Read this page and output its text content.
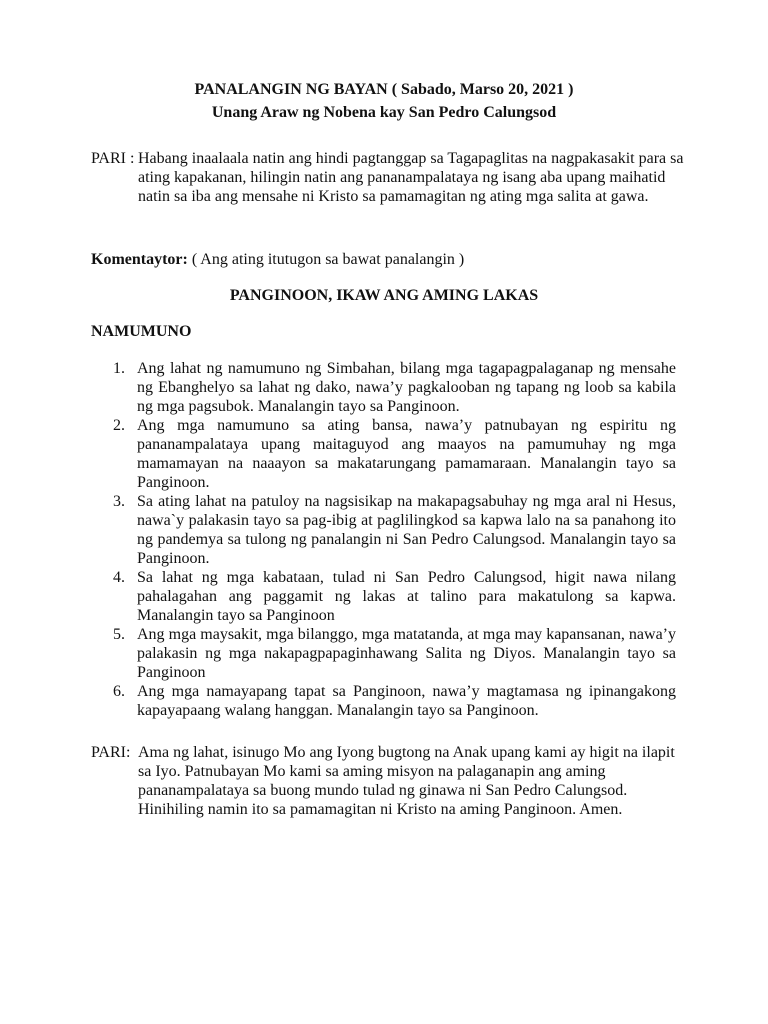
PANALANGIN NG BAYAN ( Sabado, Marso 20, 2021 )
Unang Araw ng Nobena kay San Pedro Calungsod
PARI : Habang inaalaala natin ang hindi pagtanggap sa Tagapaglitas na nagpakasakit para sa ating kapakanan, hilingin natin ang pananampalataya ng isang aba upang maihatid natin sa iba ang mensahe ni Kristo sa pamamagitan ng ating mga salita at gawa.
Komentaytor: ( Ang ating itutugon sa bawat panalangin )
PANGINOON, IKAW ANG AMING LAKAS
NAMUMUNO
1. Ang lahat ng namumuno ng Simbahan, bilang mga tagapagpalaganap ng mensahe ng Ebanghelyo sa lahat ng dako, nawa’y pagkalooban ng tapang ng loob sa kabila ng mga pagsubok. Manalangin tayo sa Panginoon.
2. Ang mga namumuno sa ating bansa, nawa’y patnubayan ng espiritu ng pananampalataya upang maitaguyod ang maayos na pamumuhay ng mga mamamayan na naaayon sa makatarungang pamamaraan. Manalangin tayo sa Panginoon.
3. Sa ating lahat na patuloy na nagsisikap na makapagsabuhay ng mga aral ni Hesus, nawa`y palakasin tayo sa pag-ibig at paglilingkod sa kapwa lalo na sa panahong ito ng pandemya sa tulong ng panalangin ni San Pedro Calungsod. Manalangin tayo sa Panginoon.
4. Sa lahat ng mga kabataan, tulad ni San Pedro Calungsod, higit nawa nilang pahalagahan ang paggamit ng lakas at talino para makatulong sa kapwa. Manalangin tayo sa Panginoon
5. Ang mga maysakit, mga bilanggo, mga matatanda, at mga may kapansanan, nawa’y palakasin ng mga nakapagpapaginhawang Salita ng Diyos. Manalangin tayo sa Panginoon
6. Ang mga namayapang tapat sa Panginoon, nawa’y magtamasa ng ipinangakong kapayapaang walang hanggan. Manalangin tayo sa Panginoon.
PARI: Ama ng lahat, isinugo Mo ang Iyong bugtong na Anak upang kami ay higit na ilapit sa Iyo. Patnubayan Mo kami sa aming misyon na palaganapin ang aming pananampalataya sa buong mundo tulad ng ginawa ni San Pedro Calungsod. Hinihiling namin ito sa pamamagitan ni Kristo na aming Panginoon. Amen.
